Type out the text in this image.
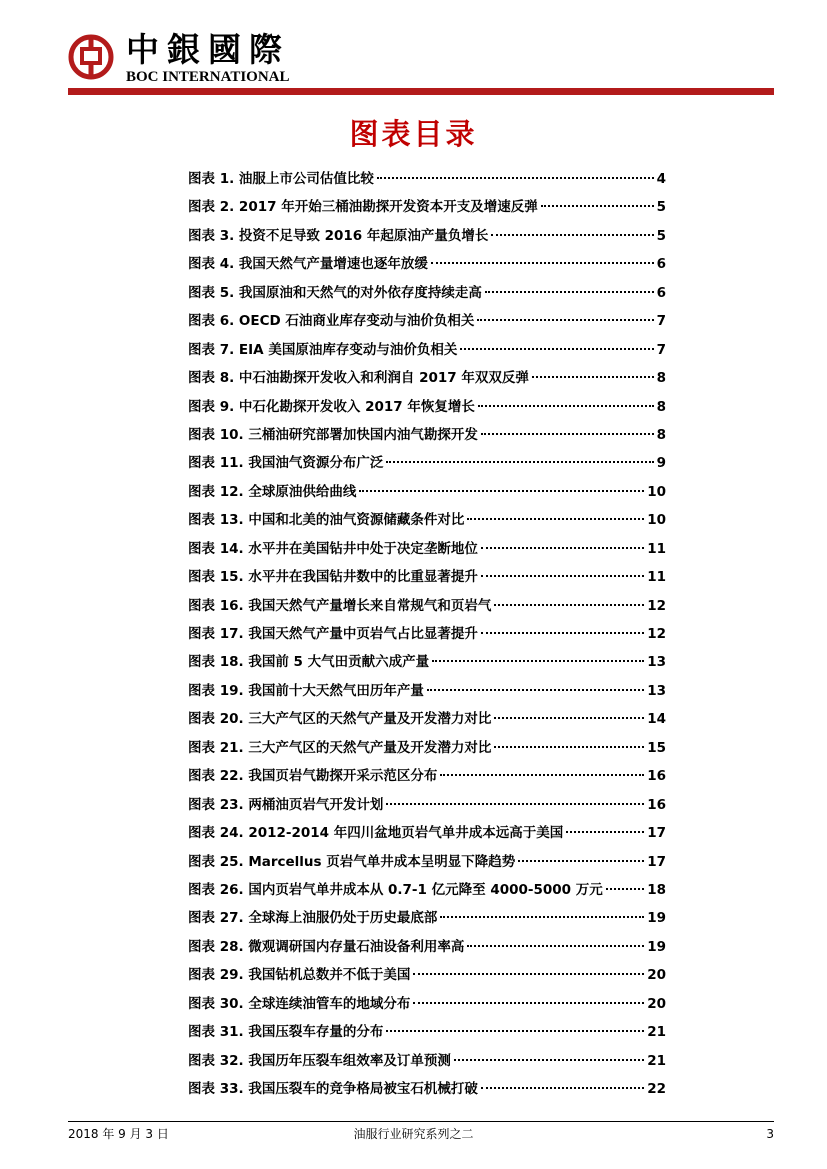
中銀國際
BOC INTERNATIONAL
图表目录
图表 1. 油服上市公司估值比较	4
图表 2. 2017 年开始三桶油勘探开发资本开支及增速反弹	5
图表 3. 投资不足导致 2016 年起原油产量负增长	5
图表 4. 我国天然气产量增速也逐年放缓	6
图表 5. 我国原油和天然气的对外依存度持续走高	6
图表 6. OECD 石油商业库存变动与油价负相关	7
图表 7. EIA 美国原油库存变动与油价负相关	7
图表 8. 中石油勘探开发收入和利润自 2017 年双双反弹	8
图表 9. 中石化勘探开发收入 2017 年恢复增长	8
图表 10. 三桶油研究部署加快国内油气勘探开发	8
图表 11. 我国油气资源分布广泛	9
图表 12. 全球原油供给曲线	10
图表 13. 中国和北美的油气资源储藏条件对比	10
图表 14. 水平井在美国钻井中处于决定垄断地位	11
图表 15. 水平井在我国钻井数中的比重显著提升	11
图表 16. 我国天然气产量增长来自常规气和页岩气	12
图表 17. 我国天然气产量中页岩气占比显著提升	12
图表 18. 我国前 5 大气田贡献六成产量	13
图表 19. 我国前十大天然气田历年产量	13
图表 20. 三大产气区的天然气产量及开发潜力对比	14
图表 21. 三大产气区的天然气产量及开发潜力对比	15
图表 22. 我国页岩气勘探开采示范区分布	16
图表 23. 两桶油页岩气开发计划	16
图表 24. 2012-2014 年四川盆地页岩气单井成本远高于美国	17
图表 25. Marcellus 页岩气单井成本呈明显下降趋势	17
图表 26. 国内页岩气单井成本从 0.7-1 亿元降至 4000-5000 万元	18
图表 27. 全球海上油服仍处于历史最底部	19
图表 28. 微观调研国内存量石油设备利用率高	19
图表 29. 我国钻机总数并不低于美国	20
图表 30. 全球连续油管车的地域分布	20
图表 31. 我国压裂车存量的分布	21
图表 32. 我国历年压裂车组效率及订单预测	21
图表 33. 我国压裂车的竞争格局被宝石机械打破	22
2018 年 9 月 3 日	油服行业研究系列之二	3
